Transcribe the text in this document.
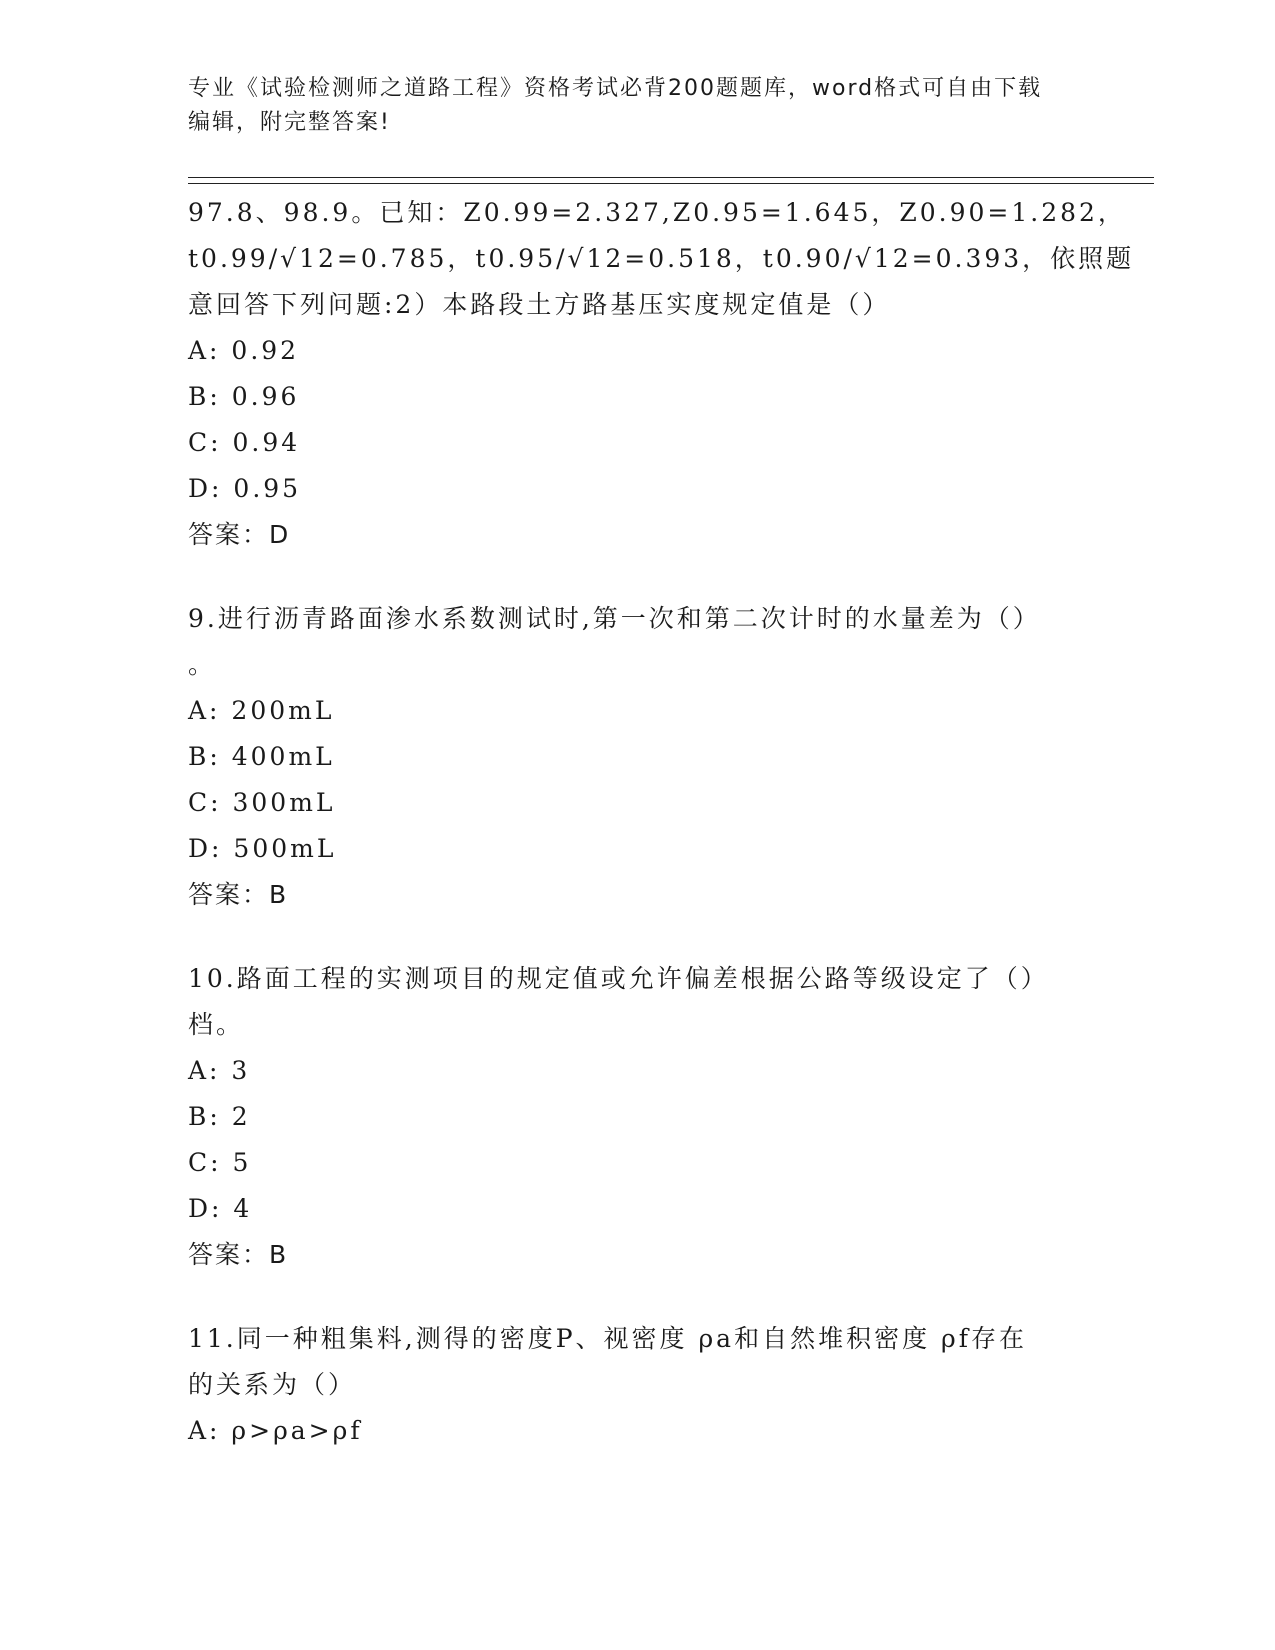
专业《试验检测师之道路工程》资格考试必背200题题库，word格式可自由下载
编辑，附完整答案!
97.8、98.9。已知：Z0.99=2.327,Z0.95=1.645，Z0.90=1.282，
t0.99/√12=0.785，t0.95/√12=0.518，t0.90/√12=0.393，依照题
意回答下列问题:2）本路段土方路基压实度规定值是（）
A: 0.92
B: 0.96
C: 0.94
D: 0.95
答案：D
9.进行沥青路面渗水系数测试时,第一次和第二次计时的水量差为（）
。
A: 200mL
B: 400mL
C: 300mL
D: 500mL
答案：B
10.路面工程的实测项目的规定值或允许偏差根据公路等级设定了（）
档。
A: 3
B: 2
C: 5
D: 4
答案：B
11.同一种粗集料,测得的密度P、视密度 ρa和自然堆积密度 ρf存在
的关系为（）
A: ρ>ρa>ρf
